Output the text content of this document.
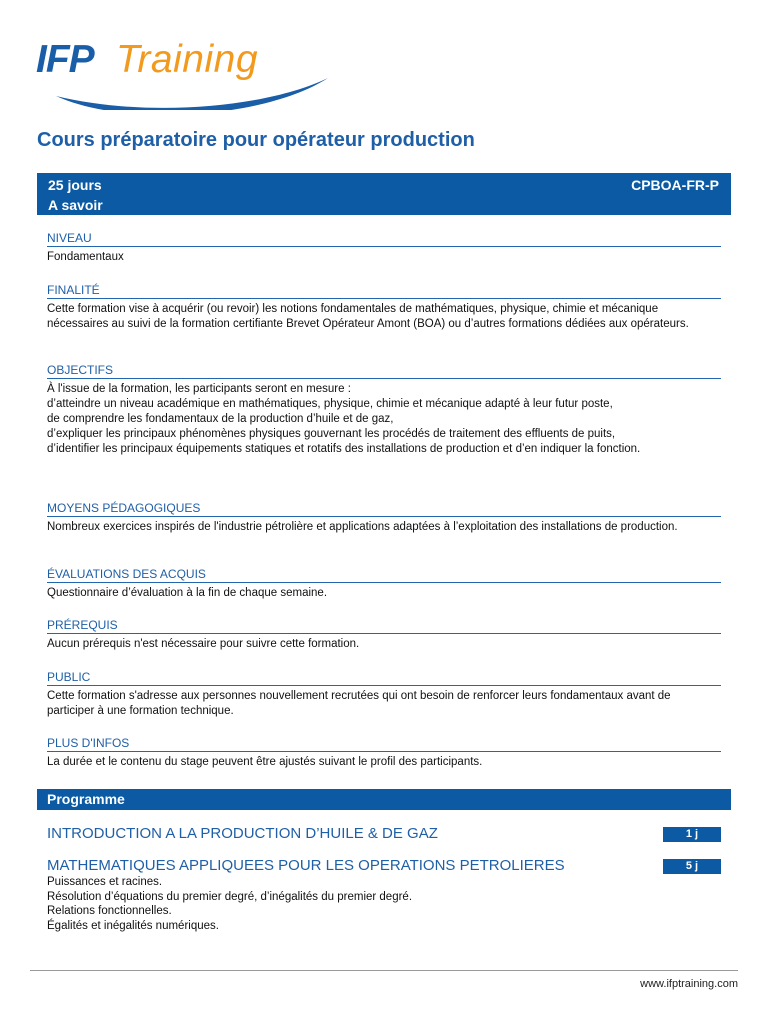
IFP Training
Cours préparatoire pour opérateur production
25 jours	CPBOA-FR-P
A savoir
NIVEAU

Fondamentaux

FINALITÉ

Cette formation vise à acquérir (ou revoir) les notions fondamentales de mathématiques, physique, chimie et mécanique nécessaires au suivi de la formation certifiante Brevet Opérateur Amont (BOA) ou d’autres formations dédiées aux opérateurs.

OBJECTIFS

À l'issue de la formation, les participants seront en mesure :

d’atteindre un niveau académique en mathématiques, physique, chimie et mécanique adapté à leur futur poste,

de comprendre les fondamentaux de la production d’huile et de gaz,

d’expliquer les principaux phénomènes physiques gouvernant les procédés de traitement des effluents de puits,

d’identifier les principaux équipements statiques et rotatifs des installations de production et d’en indiquer la fonction.

MOYENS PÉDAGOGIQUES

Nombreux exercices inspirés de l'industrie pétrolière et applications adaptées à l’exploitation des installations de production.

ÉVALUATIONS DES ACQUIS

Questionnaire d’évaluation à la fin de chaque semaine.

PRÉREQUIS

Aucun prérequis n'est nécessaire pour suivre cette formation.

PUBLIC

Cette formation s'adresse aux personnes nouvellement recrutées qui ont besoin de renforcer leurs fondamentaux avant de participer à une formation technique.

PLUS D'INFOS

La durée et le contenu du stage peuvent être ajustés suivant le profil des participants.

Programme
INTRODUCTION A LA PRODUCTION D’HUILE & DE GAZ	1 j
MATHEMATIQUES APPLIQUEES POUR LES OPERATIONS PETROLIERES	5 j
Puissances et racines.
Résolution d’équations du premier degré, d’inégalités du premier degré.
Relations fonctionnelles.
Égalités et inégalités numériques.
www.ifptraining.com
